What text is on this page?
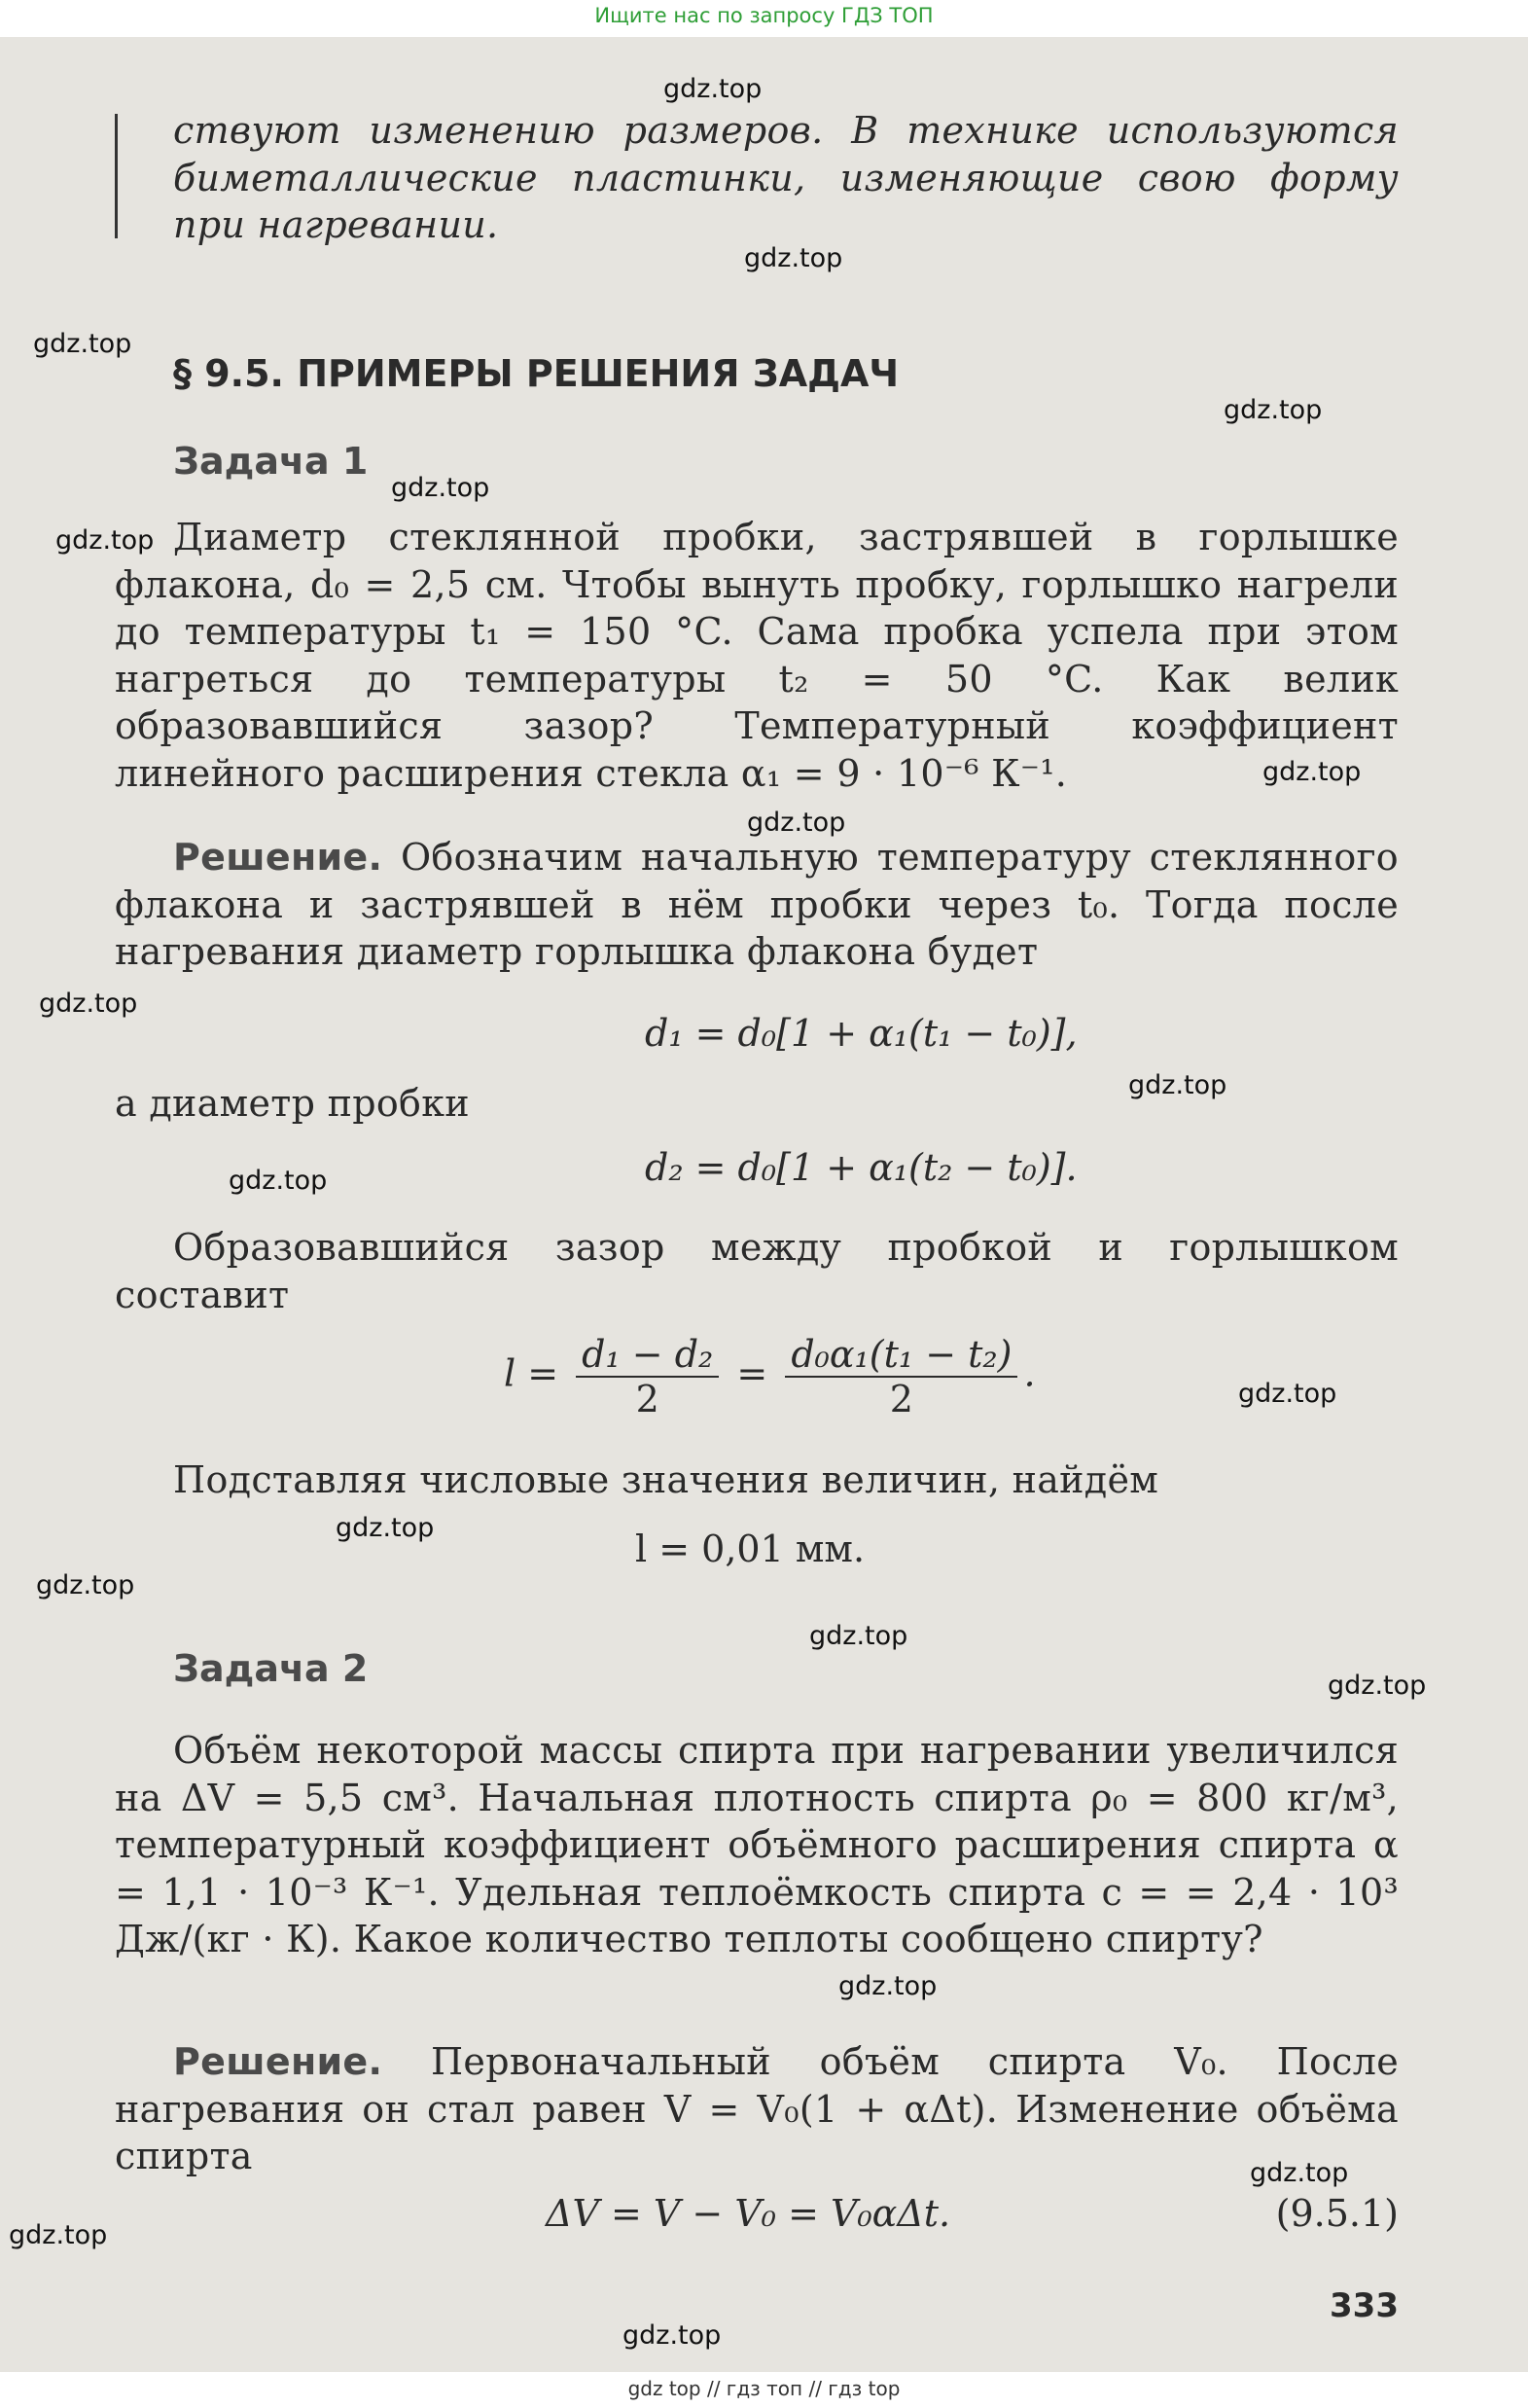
Ищите нас по запросу ГДЗ ТОП
gdz.top
gdz.top
gdz.top
gdz.top
gdz.top
gdz.top
gdz.top
gdz.top
gdz.top
gdz.top
gdz.top
gdz.top
gdz.top
gdz.top
gdz.top
gdz.top
gdz.top
gdz.top
gdz.top
gdz.top
ствуют изменению размеров. В технике используются
биметаллические пластинки, изменяющие свою форму
при нагревании.
§ 9.5. ПРИМЕРЫ РЕШЕНИЯ ЗАДАЧ
Задача 1

Диаметр стеклянной пробки, застрявшей в горлышке флакона, d₀ = 2,5 см. Чтобы вынуть пробку, горлышко нагрели до температуры t₁ = 150 °C. Сама пробка успела при этом нагреться до температуры t₂ = 50 °C. Как велик образовавшийся зазор? Температурный коэффициент линейного расширения стекла α₁ = 9 · 10⁻⁶ К⁻¹.

Решение. Обозначим начальную температуру стеклянного флакона и застрявшей в нём пробки через t₀. Тогда после нагревания диаметр горлышка флакона будет

d₁ = d₀[1 + α₁(t₁ − t₀)],

а диаметр пробки

d₂ = d₀[1 + α₁(t₂ − t₀)].

Образовавшийся зазор между пробкой и горлышком составит

$l = \frac{\text{d₁ − d₂}}{2} = \frac{\text{d₀α₁(t₁ − t₂)}}{2}$ .

Подставляя числовые значения величин, найдём

l = 0,01 мм.
Задача 2

Объём некоторой массы спирта при нагревании увеличился на ΔV = 5,5 см³. Начальная плотность спирта ρ₀ = 800 кг/м³, температурный коэффициент объёмного расширения спирта α = 1,1 · 10⁻³ К⁻¹. Удельная теплоёмкость спирта c = = 2,4 · 10³ Дж/(кг · К). Какое количество теплоты сообщено спирту?

Решение. Первоначальный объём спирта V₀. После нагревания он стал равен V = V₀(1 + αΔt). Изменение объёма спирта

ΔV = V − V₀ = V₀αΔt.	(9.5.1)
333
gdz top // гдз топ // гдз top
